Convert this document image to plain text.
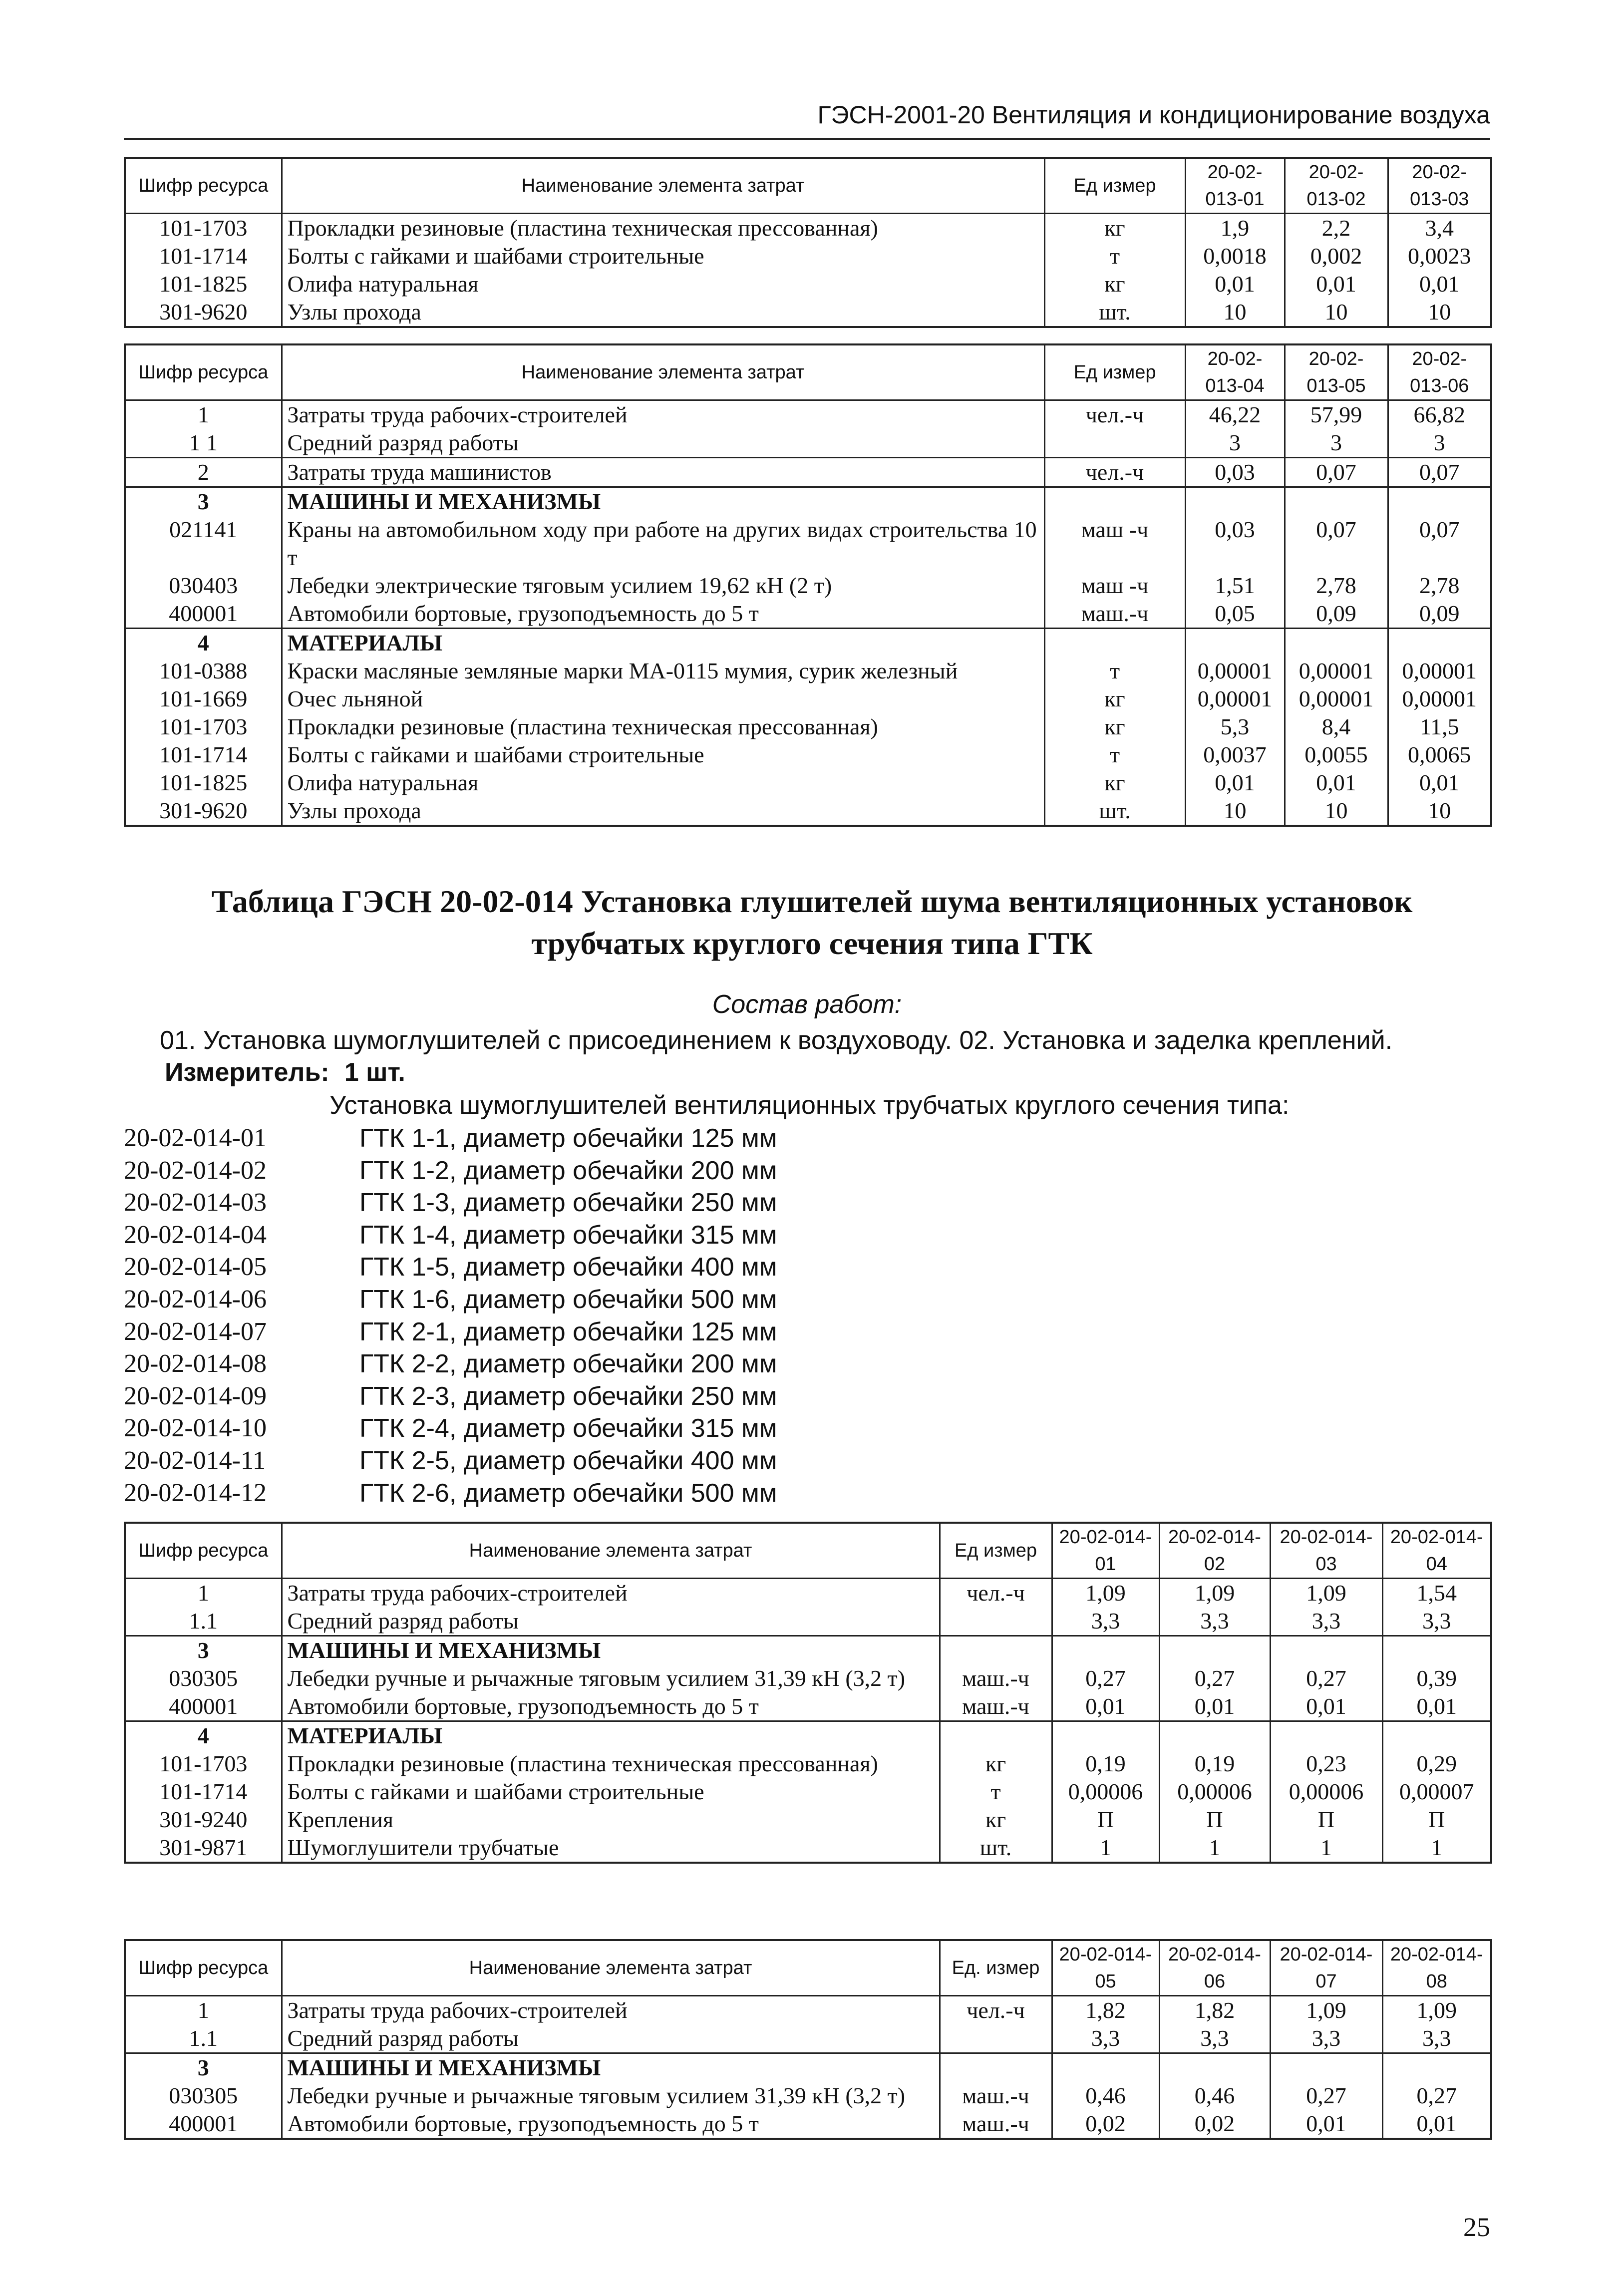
ГЭСН-2001-20 Вентиляция и кондиционирование воздуха
Шифр ресурса	Наименование элемента затрат	Ед измер	20-02-013-01	20-02-013-02	20-02-013-03
101-1703	Прокладки резиновые (пластина техническая прессованная)	кг	1,9	2,2	3,4
101-1714	Болты с гайками и шайбами строительные	т	0,0018	0,002	0,0023
101-1825	Олифа натуральная	кг	0,01	0,01	0,01
301-9620	Узлы прохода	шт.	10	10	10
Шифр ресурса	Наименование элемента затрат	Ед измер	20-02-013-04	20-02-013-05	20-02-013-06
1	Затраты труда рабочих-строителей	чел.-ч	46,22	57,99	66,82
1 1	Средний разряд работы		3	3	3
2	Затраты труда машинистов	чел.-ч	0,03	0,07	0,07
3	МАШИНЫ И МЕХАНИЗМЫ				
021141	Краны на автомобильном ходу при работе на других видах строительства 10 т	маш -ч	0,03	0,07	0,07
030403	Лебедки электрические тяговым усилием 19,62 кН (2 т)	маш -ч	1,51	2,78	2,78
400001	Автомобили бортовые, грузоподъемность до 5 т	маш.-ч	0,05	0,09	0,09
4	МАТЕРИАЛЫ				
101-0388	Краски масляные земляные марки МА-0115 мумия, сурик железный	т	0,00001	0,00001	0,00001
101-1669	Очес льняной	кг	0,00001	0,00001	0,00001
101-1703	Прокладки резиновые (пластина техническая прессованная)	кг	5,3	8,4	11,5
101-1714	Болты с гайками и шайбами строительные	т	0,0037	0,0055	0,0065
101-1825	Олифа натуральная	кг	0,01	0,01	0,01
301-9620	Узлы прохода	шт.	10	10	10
Таблица ГЭСН 20-02-014 Установка глушителей шума вентиляционных установок
трубчатых круглого сечения типа ГТК
Состав работ:
01. Установка шумоглушителей с присоединением к воздуховоду. 02. Установка и заделка креплений.
Измеритель: 1 шт.
Установка шумоглушителей вентиляционных трубчатых круглого сечения типа:
20-02-014-01	ГТК 1-1, диаметр обечайки 125 мм
20-02-014-02	ГТК 1-2, диаметр обечайки 200 мм
20-02-014-03	ГТК 1-3, диаметр обечайки 250 мм
20-02-014-04	ГТК 1-4, диаметр обечайки 315 мм
20-02-014-05	ГТК 1-5, диаметр обечайки 400 мм
20-02-014-06	ГТК 1-6, диаметр обечайки 500 мм
20-02-014-07	ГТК 2-1, диаметр обечайки 125 мм
20-02-014-08	ГТК 2-2, диаметр обечайки 200 мм
20-02-014-09	ГТК 2-3, диаметр обечайки 250 мм
20-02-014-10	ГТК 2-4, диаметр обечайки 315 мм
20-02-014-11	ГТК 2-5, диаметр обечайки 400 мм
20-02-014-12	ГТК 2-6, диаметр обечайки 500 мм
Шифр ресурса	Наименование элемента затрат	Ед измер	20-02-014-01	20-02-014-02	20-02-014-03	20-02-014-04
1	Затраты труда рабочих-строителей	чел.-ч	1,09	1,09	1,09	1,54
1.1	Средний разряд работы		3,3	3,3	3,3	3,3
3	МАШИНЫ И МЕХАНИЗМЫ					
030305	Лебедки ручные и рычажные тяговым усилием 31,39 кН (3,2 т)	маш.-ч	0,27	0,27	0,27	0,39
400001	Автомобили бортовые, грузоподъемность до 5 т	маш.-ч	0,01	0,01	0,01	0,01
4	МАТЕРИАЛЫ					
101-1703	Прокладки резиновые (пластина техническая прессованная)	кг	0,19	0,19	0,23	0,29
101-1714	Болты с гайками и шайбами строительные	т	0,00006	0,00006	0,00006	0,00007
301-9240	Крепления	кг	П	П	П	П
301-9871	Шумоглушители трубчатые	шт.	1	1	1	1
Шифр ресурса	Наименование элемента затрат	Ед. измер	20-02-014-05	20-02-014-06	20-02-014-07	20-02-014-08
1	Затраты труда рабочих-строителей	чел.-ч	1,82	1,82	1,09	1,09
1.1	Средний разряд работы		3,3	3,3	3,3	3,3
3	МАШИНЫ И МЕХАНИЗМЫ					
030305	Лебедки ручные и рычажные тяговым усилием 31,39 кН (3,2 т)	маш.-ч	0,46	0,46	0,27	0,27
400001	Автомобили бортовые, грузоподъемность до 5 т	маш.-ч	0,02	0,02	0,01	0,01
25
